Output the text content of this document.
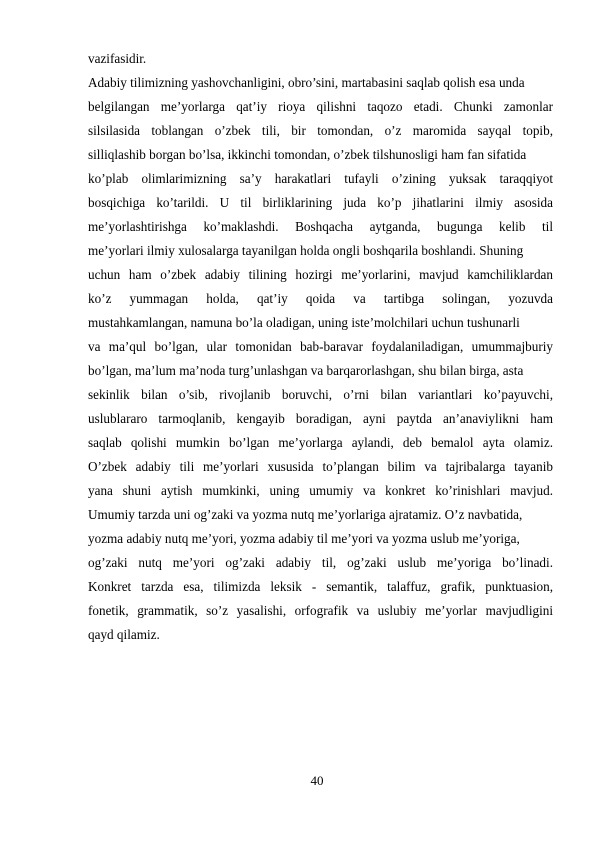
vazifasidir.
Adabiy tilimizning yashovchanligini, obro’sini, martabasini saqlab qolish esa unda
belgilangan me’yorlarga qat’iy rioya qilishni taqozo etadi. Chunki zamonlar
silsilasida toblangan o’zbek tili, bir tomondan, o’z maromida sayqal topib,
silliqlashib borgan bo’lsa, ikkinchi tomondan, o’zbek tilshunosligi ham fan sifatida
ko’plab olimlarimizning sa’y harakatlari tufayli o’zining yuksak taraqqiyot
bosqichiga ko’tarildi. U til birliklarining juda ko’p jihatlarini ilmiy asosida
me’yorlashtirishga ko’maklashdi. Boshqacha aytganda, bugunga kelib til
me’yorlari ilmiy xulosalarga tayanilgan holda ongli boshqarila boshlandi. Shuning
uchun ham o’zbek adabiy tilining hozirgi me’yorlarini, mavjud kamchiliklardan
ko’z yummagan holda, qat’iy qoida va tartibga solingan, yozuvda
mustahkamlangan, namuna bo’la oladigan, uning iste’molchilari uchun tushunarli
va ma’qul bo’lgan, ular tomonidan bab-baravar foydalaniladigan, umummajburiy
bo’lgan, ma’lum ma’noda turg’unlashgan va barqarorlashgan, shu bilan birga, asta
sekinlik bilan o’sib, rivojlanib boruvchi, o’rni bilan variantlari ko’payuvchi,
uslublararo tarmoqlanib, kengayib boradigan, ayni paytda an’anaviylikni ham
saqlab qolishi mumkin bo’lgan me’yorlarga aylandi, deb bemalol ayta olamiz.
O’zbek adabiy tili me’yorlari xususida to’plangan bilim va tajribalarga tayanib
yana shuni aytish mumkinki, uning umumiy va konkret ko’rinishlari mavjud.
Umumiy tarzda uni og’zaki va yozma nutq me’yorlariga ajratamiz. O’z navbatida,
yozma adabiy nutq me’yori, yozma adabiy til me’yori va yozma uslub me’yoriga,
og’zaki nutq me’yori og’zaki adabiy til, og’zaki uslub me’yoriga bo’linadi.
Konkret tarzda esa, tilimizda leksik - semantik, talaffuz, grafik, punktuasion,
fonetik, grammatik, so’z yasalishi, orfografik va uslubiy me’yorlar mavjudligini
qayd qilamiz.
40
